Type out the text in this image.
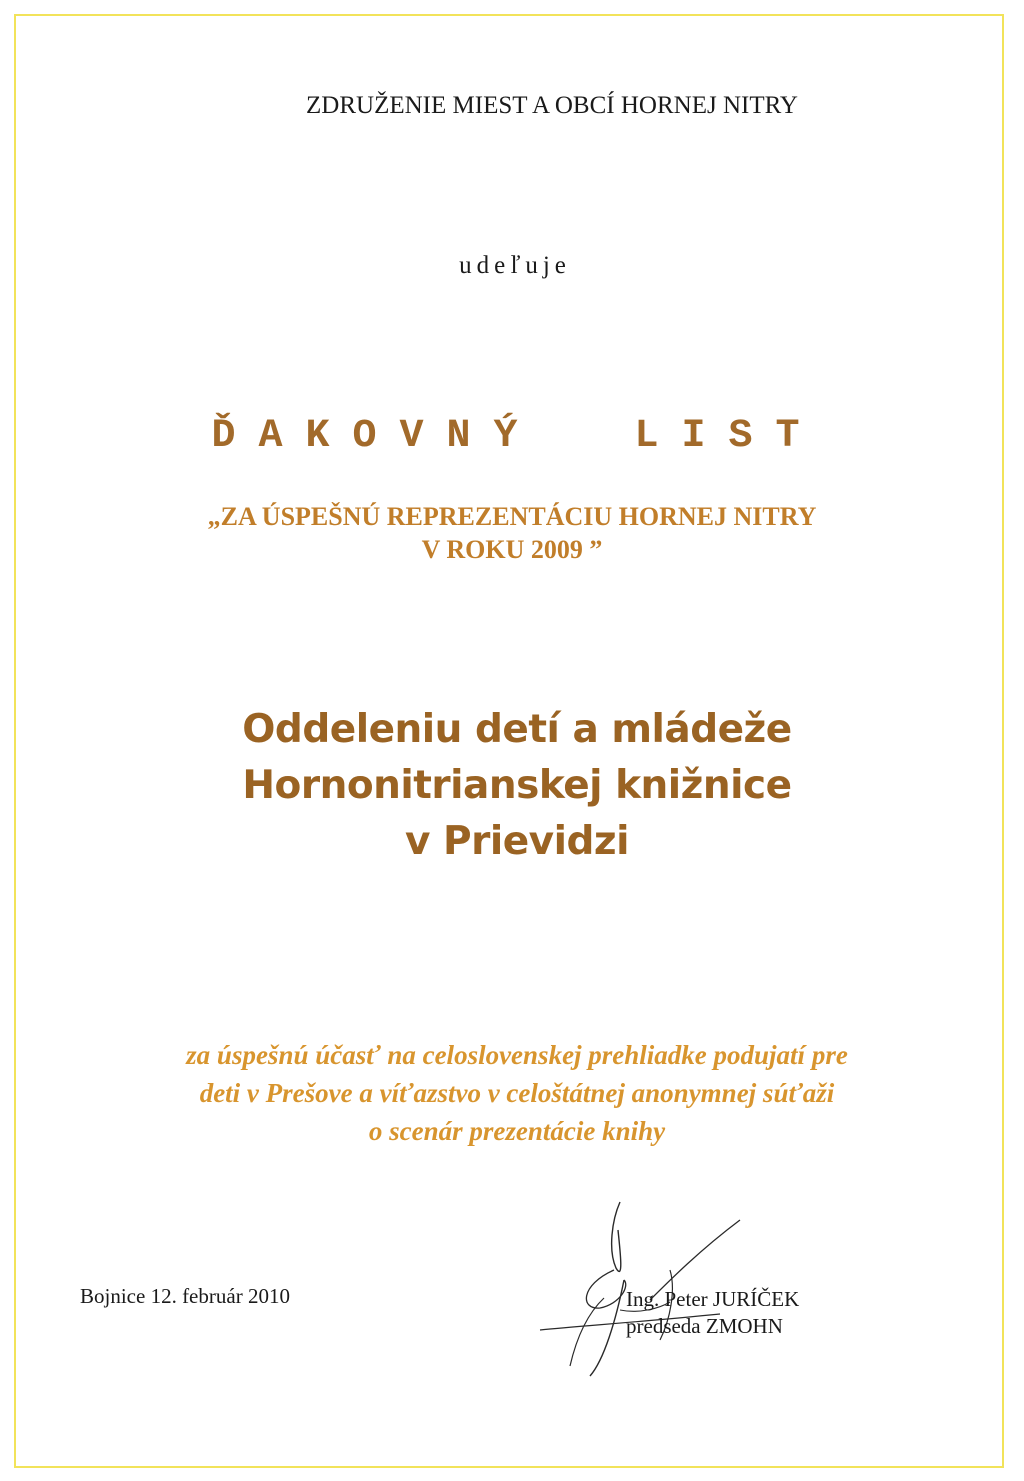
ZDRUŽENIE MIEST A OBCÍ HORNEJ NITRY
udeľuje
ĎAKOVNÝ  LIST
„ZA ÚSPEŠNÚ REPREZENTÁCIU HORNEJ NITRY
V ROKU 2009 ”
Oddeleniu detí a mládeže
Hornonitrianskej knižnice
v Prievidzi
za úspešnú účasť na celoslovenskej prehliadke podujatí pre
deti v Prešove a víťazstvo v celoštátnej anonymnej súťaži
o scenár prezentácie knihy
Bojnice 12. február 2010	Ing. Peter JURÍČEK
predseda ZMOHN
